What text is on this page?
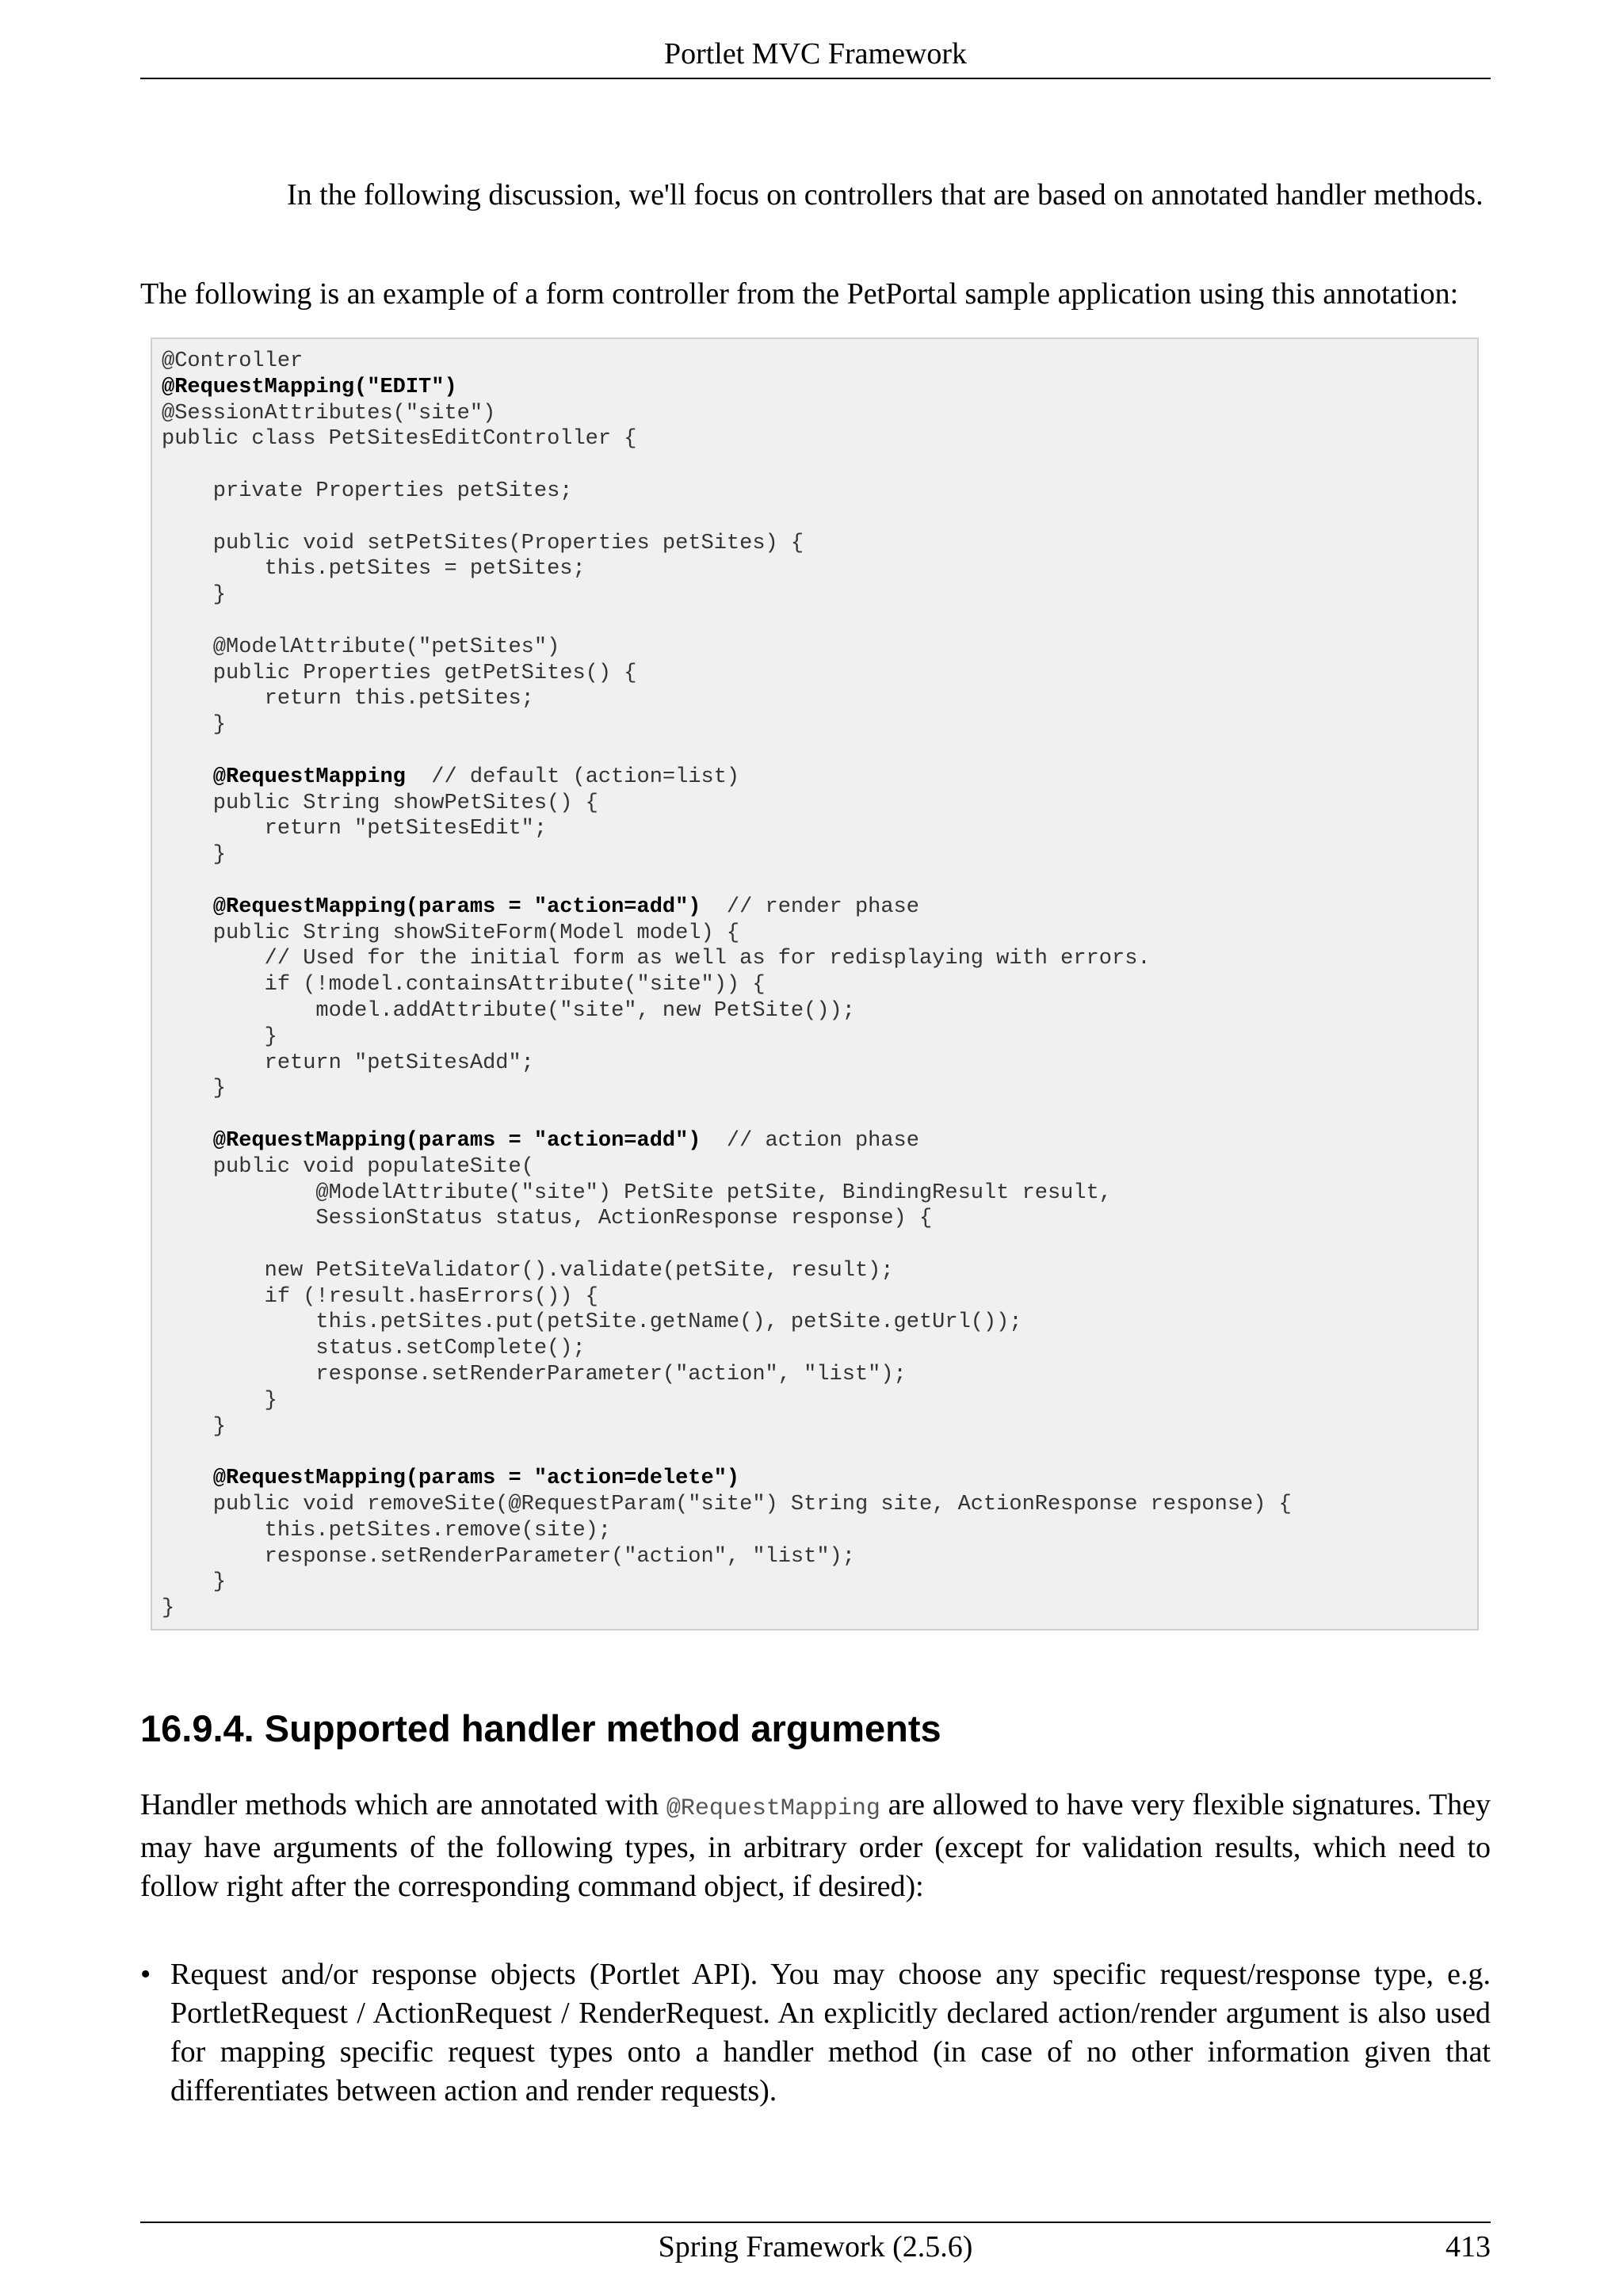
Portlet MVC Framework
In the following discussion, we'll focus on controllers that are based on annotated handler methods.
The following is an example of a form controller from the PetPortal sample application using this annotation:
@Controller
@RequestMapping("EDIT")
@SessionAttributes("site")
public class PetSitesEditController {
private Properties petSites;
public void setPetSites(Properties petSites) {
this.petSites = petSites;
}
@ModelAttribute("petSites")
public Properties getPetSites() {
return this.petSites;
}
@RequestMapping  // default (action=list)
public String showPetSites() {
return "petSitesEdit";
}
@RequestMapping(params = "action=add")  // render phase
public String showSiteForm(Model model) {
// Used for the initial form as well as for redisplaying with errors.
if (!model.containsAttribute("site")) {
model.addAttribute("site", new PetSite());
}
return "petSitesAdd";
}
@RequestMapping(params = "action=add")  // action phase
public void populateSite(
@ModelAttribute("site") PetSite petSite, BindingResult result,
SessionStatus status, ActionResponse response) {
new PetSiteValidator().validate(petSite, result);
if (!result.hasErrors()) {
this.petSites.put(petSite.getName(), petSite.getUrl());
status.setComplete();
response.setRenderParameter("action", "list");
}
}
@RequestMapping(params = "action=delete")
public void removeSite(@RequestParam("site") String site, ActionResponse response) {
this.petSites.remove(site);
response.setRenderParameter("action", "list");
}
}
16.9.4. Supported handler method arguments
Handler methods which are annotated with @RequestMapping are allowed to have very flexible signatures. They may have arguments of the following types, in arbitrary order (except for validation results, which need to follow right after the corresponding command object, if desired):
• Request and/or response objects (Portlet API). You may choose any specific request/response type, e.g. PortletRequest / ActionRequest / RenderRequest. An explicitly declared action/render argument is also used for mapping specific request types onto a handler method (in case of no other information given that differentiates between action and render requests).
Spring Framework (2.5.6)	413
